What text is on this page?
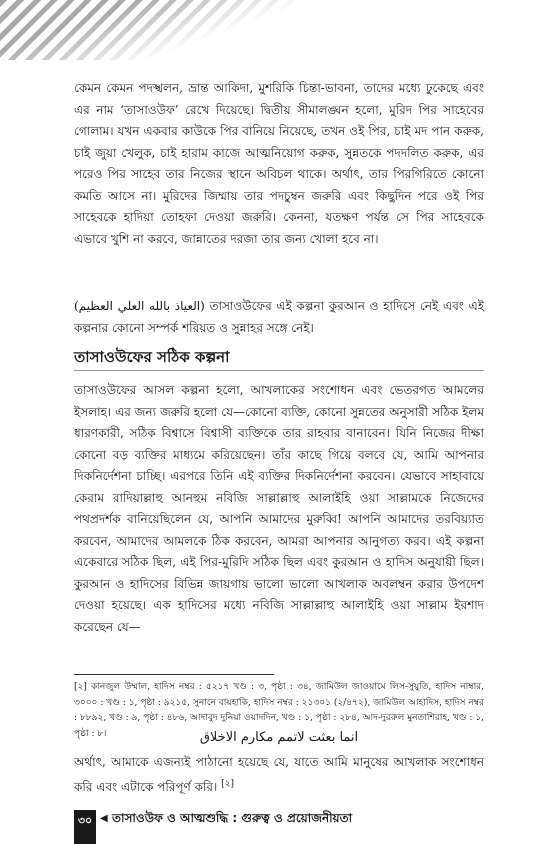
কেমন কেমন পদস্খলন, ভ্রান্ত আকিদা, মুশরিকি চিন্তা-ভাবনা, তাদের মধ্যে ঢুকেছে এবং এর নাম ‘তাসাওউফ’ রেখে দিয়েছে। দ্বিতীয় সীমালঙ্ঘন হলো, মুরিদ পির সাহেবের গোলাম। যখন একবার কাউকে পির বানিয়ে নিয়েছে, তখন ওই পির, চাই মদ পান করুক, চাই জুয়া খেলুক, চাই হারাম কাজে আত্মনিয়োগ করুক, সুন্নতকে পদদলিত করুক, এর পরেও পির সাহেব তার নিজের স্থানে অবিচল থাকে। অর্থাৎ, তার পিরগিরিতে কোনো কমতি আসে না। মুরিদের জিম্মায় তার পদচুম্বন জরুরি এবং কিছুদিন পরে ওই পির সাহেবকে হাদিয়া তোহফা দেওয়া জরুরি। কেননা, যতক্ষণ পর্যন্ত সে পির সাহেবকে এভাবে খুশি না করবে, জান্নাতের দরজা তার জন্য খোলা হবে না।

(العياذ بالله العلي العظيم) তাসাওউফের এই কল্পনা কুরআন ও হাদিসে নেই এবং এই কল্পনার কোনো সম্পর্ক শরিয়ত ও সুন্নাহর সঙ্গে নেই।

তাসাওউফের সঠিক কল্পনা

তাসাওউফের আসল কল্পনা হলো, আখলাকের সংশোধন এবং ভেতরগত আমলের ইসলাহ। এর জন্য জরুরি হলো যে—কোনো ব্যক্তি, কোনো সুন্নতের অনুসারী সঠিক ইলম ধারণকারী, সঠিক বিশ্বাসে বিশ্বাসী ব্যক্তিকে তার রাহবার বানাবেন। যিনি নিজের দীক্ষা কোনো বড় ব্যক্তির মাধ্যমে করিয়েছেন। তাঁর কাছে গিয়ে বলবে যে, আমি আপনার দিকনির্দেশনা চাচ্ছি। এরপরে তিনি এই ব্যক্তির দিকনির্দেশনা করবেন। যেভাবে সাহাবায়ে কেরাম রাদিয়াল্লাহু আনহুম নবিজি সাল্লাল্লাহু আলাইহি ওয়া সাল্লামকে নিজেদের পথপ্রদর্শক বানিয়েছিলেন যে, আপনি আমাদের মুরুব্বি! আপনি আমাদের তরবিয়্যাত করবেন, আমাদের আমলকে ঠিক করবেন, আমরা আপনার আনুগত্য করব। এই কল্পনা একেবারে সঠিক ছিল, এই পির-মুরিদি সঠিক ছিল এবং কুরআন ও হাদিস অনুযায়ী ছিল। কুরআন ও হাদিসের বিভিন্ন জায়গায় ভালো ভালো আখলাক অবলম্বন করার উপদেশ দেওয়া হয়েছে। এক হাদিসের মধ্যে নবিজি সাল্লাল্লাহু আলাইহি ওয়া সাল্লাম ইরশাদ করেছেন যে—

انما بعثت لاتمم مكارم الاخلاق

অর্থাৎ, আমাকে এজন্যই পাঠানো হয়েছে যে, যাতে আমি মানুষের আখলাক সংশোধন করি এবং এটাকে পরিপূর্ণ করি। [২]

[২] কানজুল উম্মাল, হাদিস নম্বর : ৫২১৭ খণ্ড : ৩, পৃষ্ঠা : ৩৪, জামিউল জাওয়ামে লিস-সুয়ুতি, হাদিস নাম্বার, ৩০০০ : খণ্ড : ১, পৃষ্ঠা : ৯২১৫, সুনানে বায়হাকি, হাদিস নম্বর : ২১৩০১ (২/৪৭২), জামিউল আহাদিস, হাদিস নম্বর : ৮৮৯২, খণ্ড : ৯, পৃষ্ঠা : ৪৮৬, আদাবুদ দুনিয়া ওয়াদদিন, খণ্ড : ১, পৃষ্ঠা : ২৮৪, আদ-দুররুল মুনতাশিরাহ, খণ্ড : ১, পৃষ্ঠা : ৮।

৩০ ◀ তাসাওউফ ও আত্মশুদ্ধি : গুরুত্ব ও প্রয়োজনীয়তা
